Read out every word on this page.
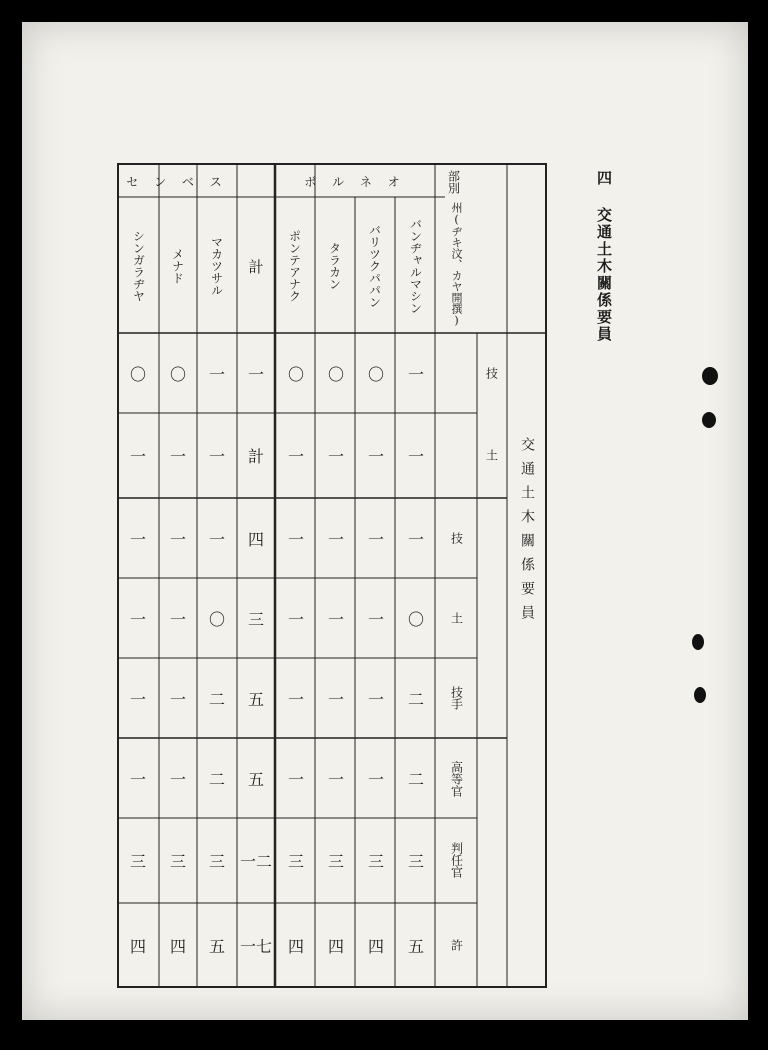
四 交通土木關係要員
セ ン ベ ス	ボ ル ネ オ	部別
州(ヂキ汶、カヤ開撰)
交通土木關係要員
バンヂャルマシン
バリツクパパン
タラカン
ポンテアナク
計
マカツサル
メナド
シンガラヂヤ
技
土
技
土
技手
高等官
判任官
許
一
一
一
〇
二
二
三
五
〇
一
一
一
一
一
三
四
〇
一
一
一
一
一
三
四
〇
一
一
一
一
一
三
四
一
計
四
三
五
五
一二
一七
一
一
一
〇
二
二
三
五
〇
一
一
一
一
一
三
四
〇
一
一
一
一
一
三
四
